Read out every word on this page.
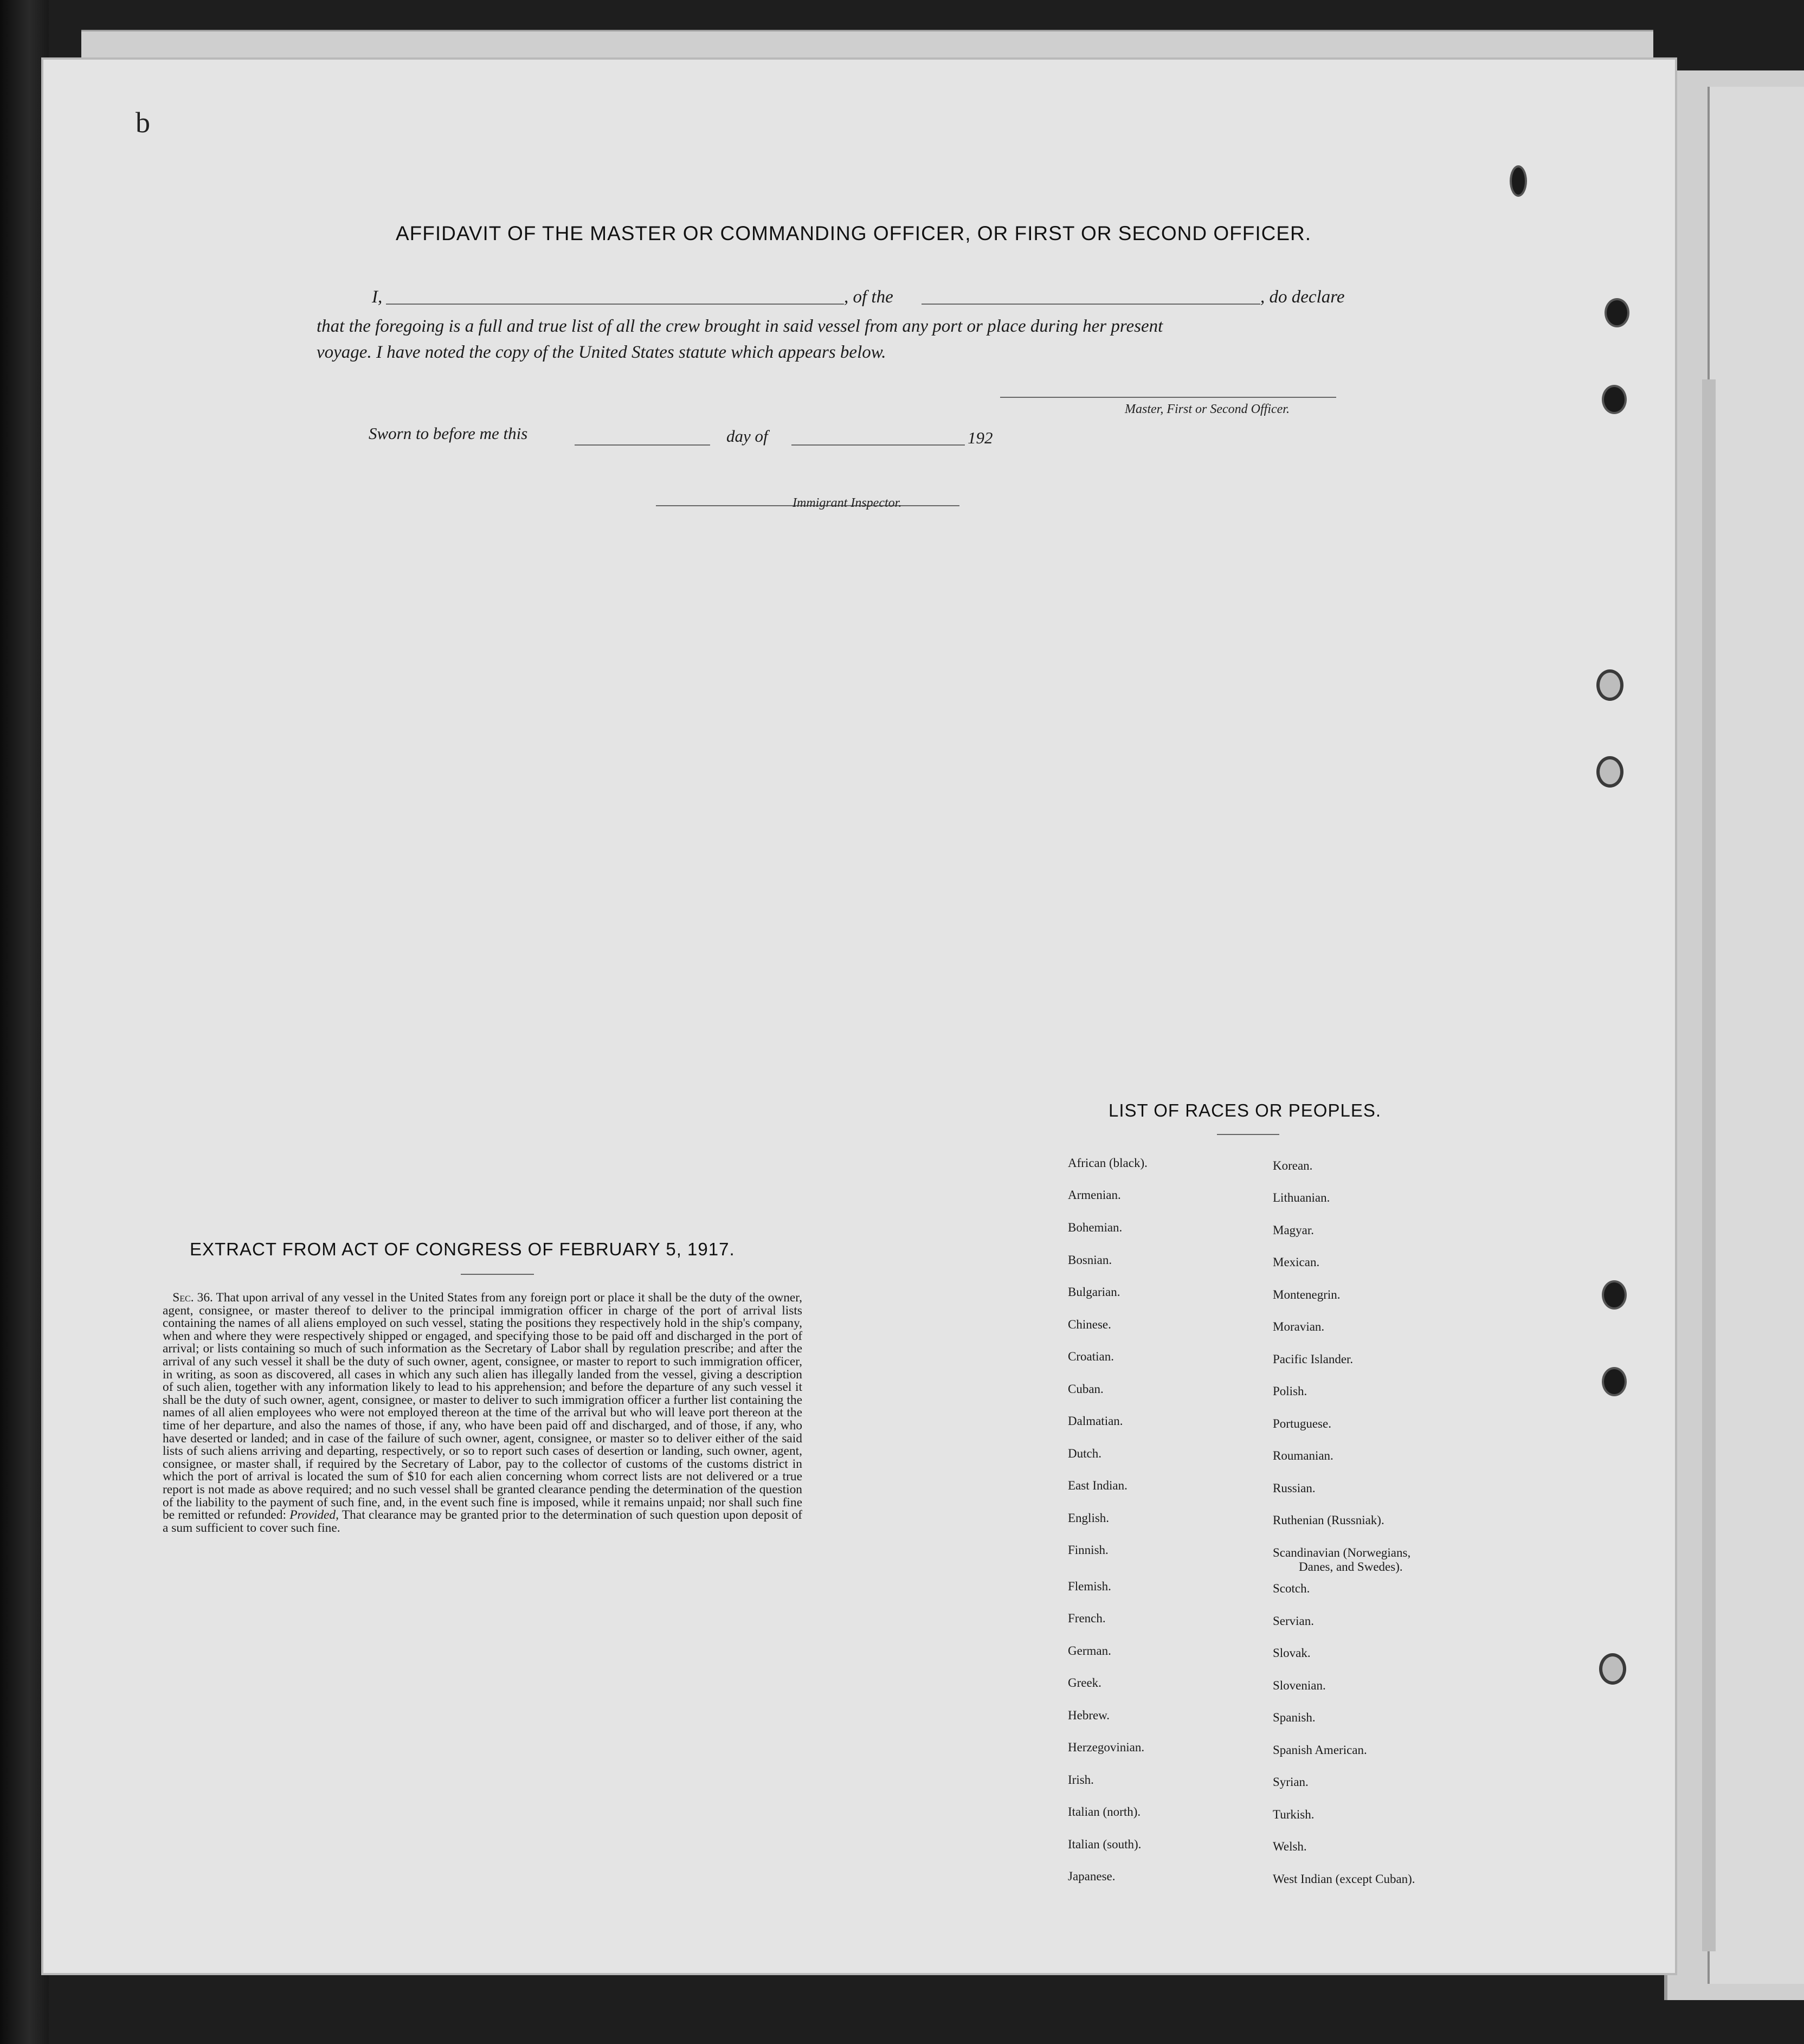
b
AFFIDAVIT OF THE MASTER OR COMMANDING OFFICER, OR FIRST OR SECOND OFFICER.
I,	, of the	, do declare
that the foregoing is a full and true list of all the crew brought in said vessel from any port or place during her present
voyage. I have noted the copy of the United States statute which appears below.
Master, First or Second Officer.
Sworn to before me this	day of	192
Immigrant Inspector.
EXTRACT FROM ACT OF CONGRESS OF FEBRUARY 5, 1917.
Sec. 36. That upon arrival of any vessel in the United States from any foreign port or place it shall be the duty of the owner, agent, consignee, or master thereof to deliver to the principal immigration officer in charge of the port of arrival lists containing the names of all aliens employed on such vessel, stating the positions they respectively hold in the ship's company, when and where they were respectively shipped or engaged, and specifying those to be paid off and discharged in the port of arrival; or lists containing so much of such information as the Secretary of Labor shall by regulation prescribe; and after the arrival of any such vessel it shall be the duty of such owner, agent, consignee, or master to report to such immigration officer, in writing, as soon as discovered, all cases in which any such alien has illegally landed from the vessel, giving a description of such alien, together with any information likely to lead to his apprehension; and before the departure of any such vessel it shall be the duty of such owner, agent, consignee, or master to deliver to such immigration officer a further list containing the names of all alien employees who were not employed thereon at the time of the arrival but who will leave port thereon at the time of her departure, and also the names of those, if any, who have been paid off and discharged, and of those, if any, who have deserted or landed; and in case of the failure of such owner, agent, consignee, or master so to deliver either of the said lists of such aliens arriving and departing, respectively, or so to report such cases of desertion or landing, such owner, agent, consignee, or master shall, if required by the Secretary of Labor, pay to the collector of customs of the customs district in which the port of arrival is located the sum of $10 for each alien concerning whom correct lists are not delivered or a true report is not made as above required; and no such vessel shall be granted clearance pending the determination of the question of the liability to the payment of such fine, and, in the event such fine is imposed, while it remains unpaid; nor shall such fine be remitted or refunded: Provided, That clearance may be granted prior to the determination of such question upon deposit of a sum sufficient to cover such fine.
LIST OF RACES OR PEOPLES.
African (black).
Armenian.
Bohemian.
Bosnian.
Bulgarian.
Chinese.
Croatian.
Cuban.
Dalmatian.
Dutch.
East Indian.
English.
Finnish.
Flemish.
French.
German.
Greek.
Hebrew.
Herzegovinian.
Irish.
Italian (north).
Italian (south).
Japanese.
Korean.
Lithuanian.
Magyar.
Mexican.
Montenegrin.
Moravian.
Pacific Islander.
Polish.
Portuguese.
Roumanian.
Russian.
Ruthenian (Russniak).
Scandinavian (Norwegians,
Danes, and Swedes).
Scotch.
Servian.
Slovak.
Slovenian.
Spanish.
Spanish American.
Syrian.
Turkish.
Welsh.
West Indian (except Cuban).
